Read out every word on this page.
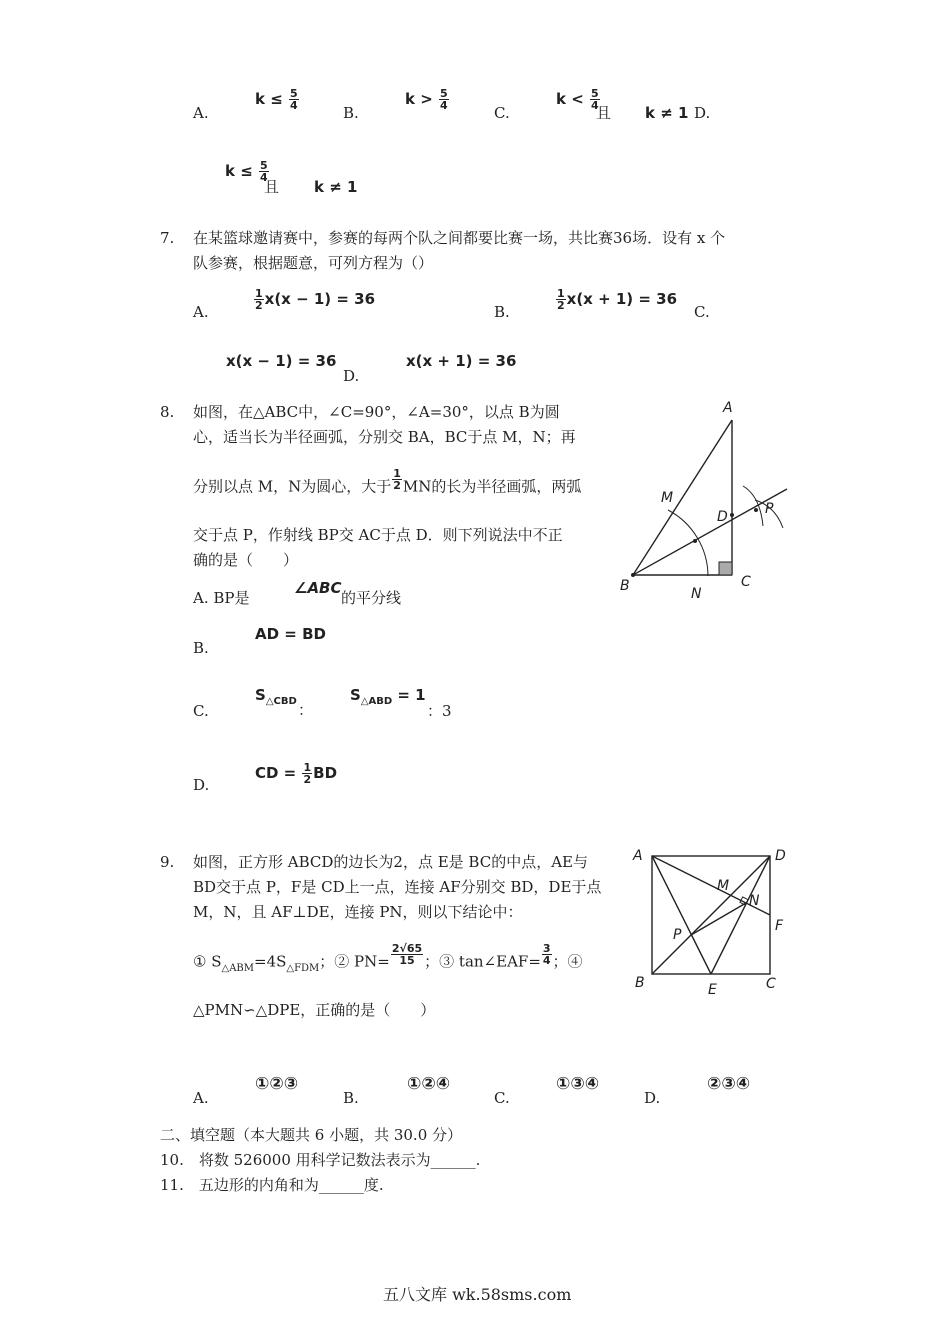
A.
$k \le \frac{5}{4}$
B.
$k > \frac{5}{4}$
C.
$k < \frac{5}{4}$
且 k ≠ 1 D.
$k \le \frac{5}{4}$
且 k ≠ 1
7. 在某篮球邀请赛中，参赛的每两个队之间都要比赛一场，共比赛36场．设有 x 个
队参赛，根据题意，可列方程为（）
A.
$\frac{1}{2} x(x - 1) = 36$
B.
$\frac{1}{2} x(x + 1) = 36$
C.
x(x − 1) = 36
D.
x(x + 1) = 36
8. 如图，在△ABC中，∠C=90°，∠A=30°，以点 B为圆
心，适当长为半径画弧，分别交 BA，BC于点 M，N；再
分别以点 M，N为圆心，大于 $\frac{1}{2}$ MN的长为半径画弧，两弧
交于点 P，作射线 BP交 AC于点 D．则下列说法中不正
确的是（　　）
A. BP是
∠ABC
的平分线
B.
AD = BD
C.
$S_{\triangle CBD}$ ：
$S_{\triangle ABD} = 1$
：3
D.
CD = $\frac{1}{2}$ BD
A
B	C
M
N
D	P
9. 如图，正方形 ABCD的边长为2，点 E是 BC的中点，AE与
BD交于点 P，F是 CD上一点，连接 AF分别交 BD，DE于点
M，N，且 AF⊥DE，连接 PN，则以下结论中：
① $S_{\triangle ABM}=4S_{\triangle FDM}$；② $PN= \frac{2√65}{15}$ ；③ tan∠EAF= $\frac{3}{4}$ ；④
△PMN∽△DPE，正确的是（　　）
A.
①②③
B.
①②④
C.
①③④
D.
②③④
A	D
B	C
E
F
M
N
P
二、填空题（本大题共 6 小题，共 30.0 分）
10.　将数 526000 用科学记数法表示为______.
11.　五边形的内角和为______度.
五八文库 wk.58sms.com
